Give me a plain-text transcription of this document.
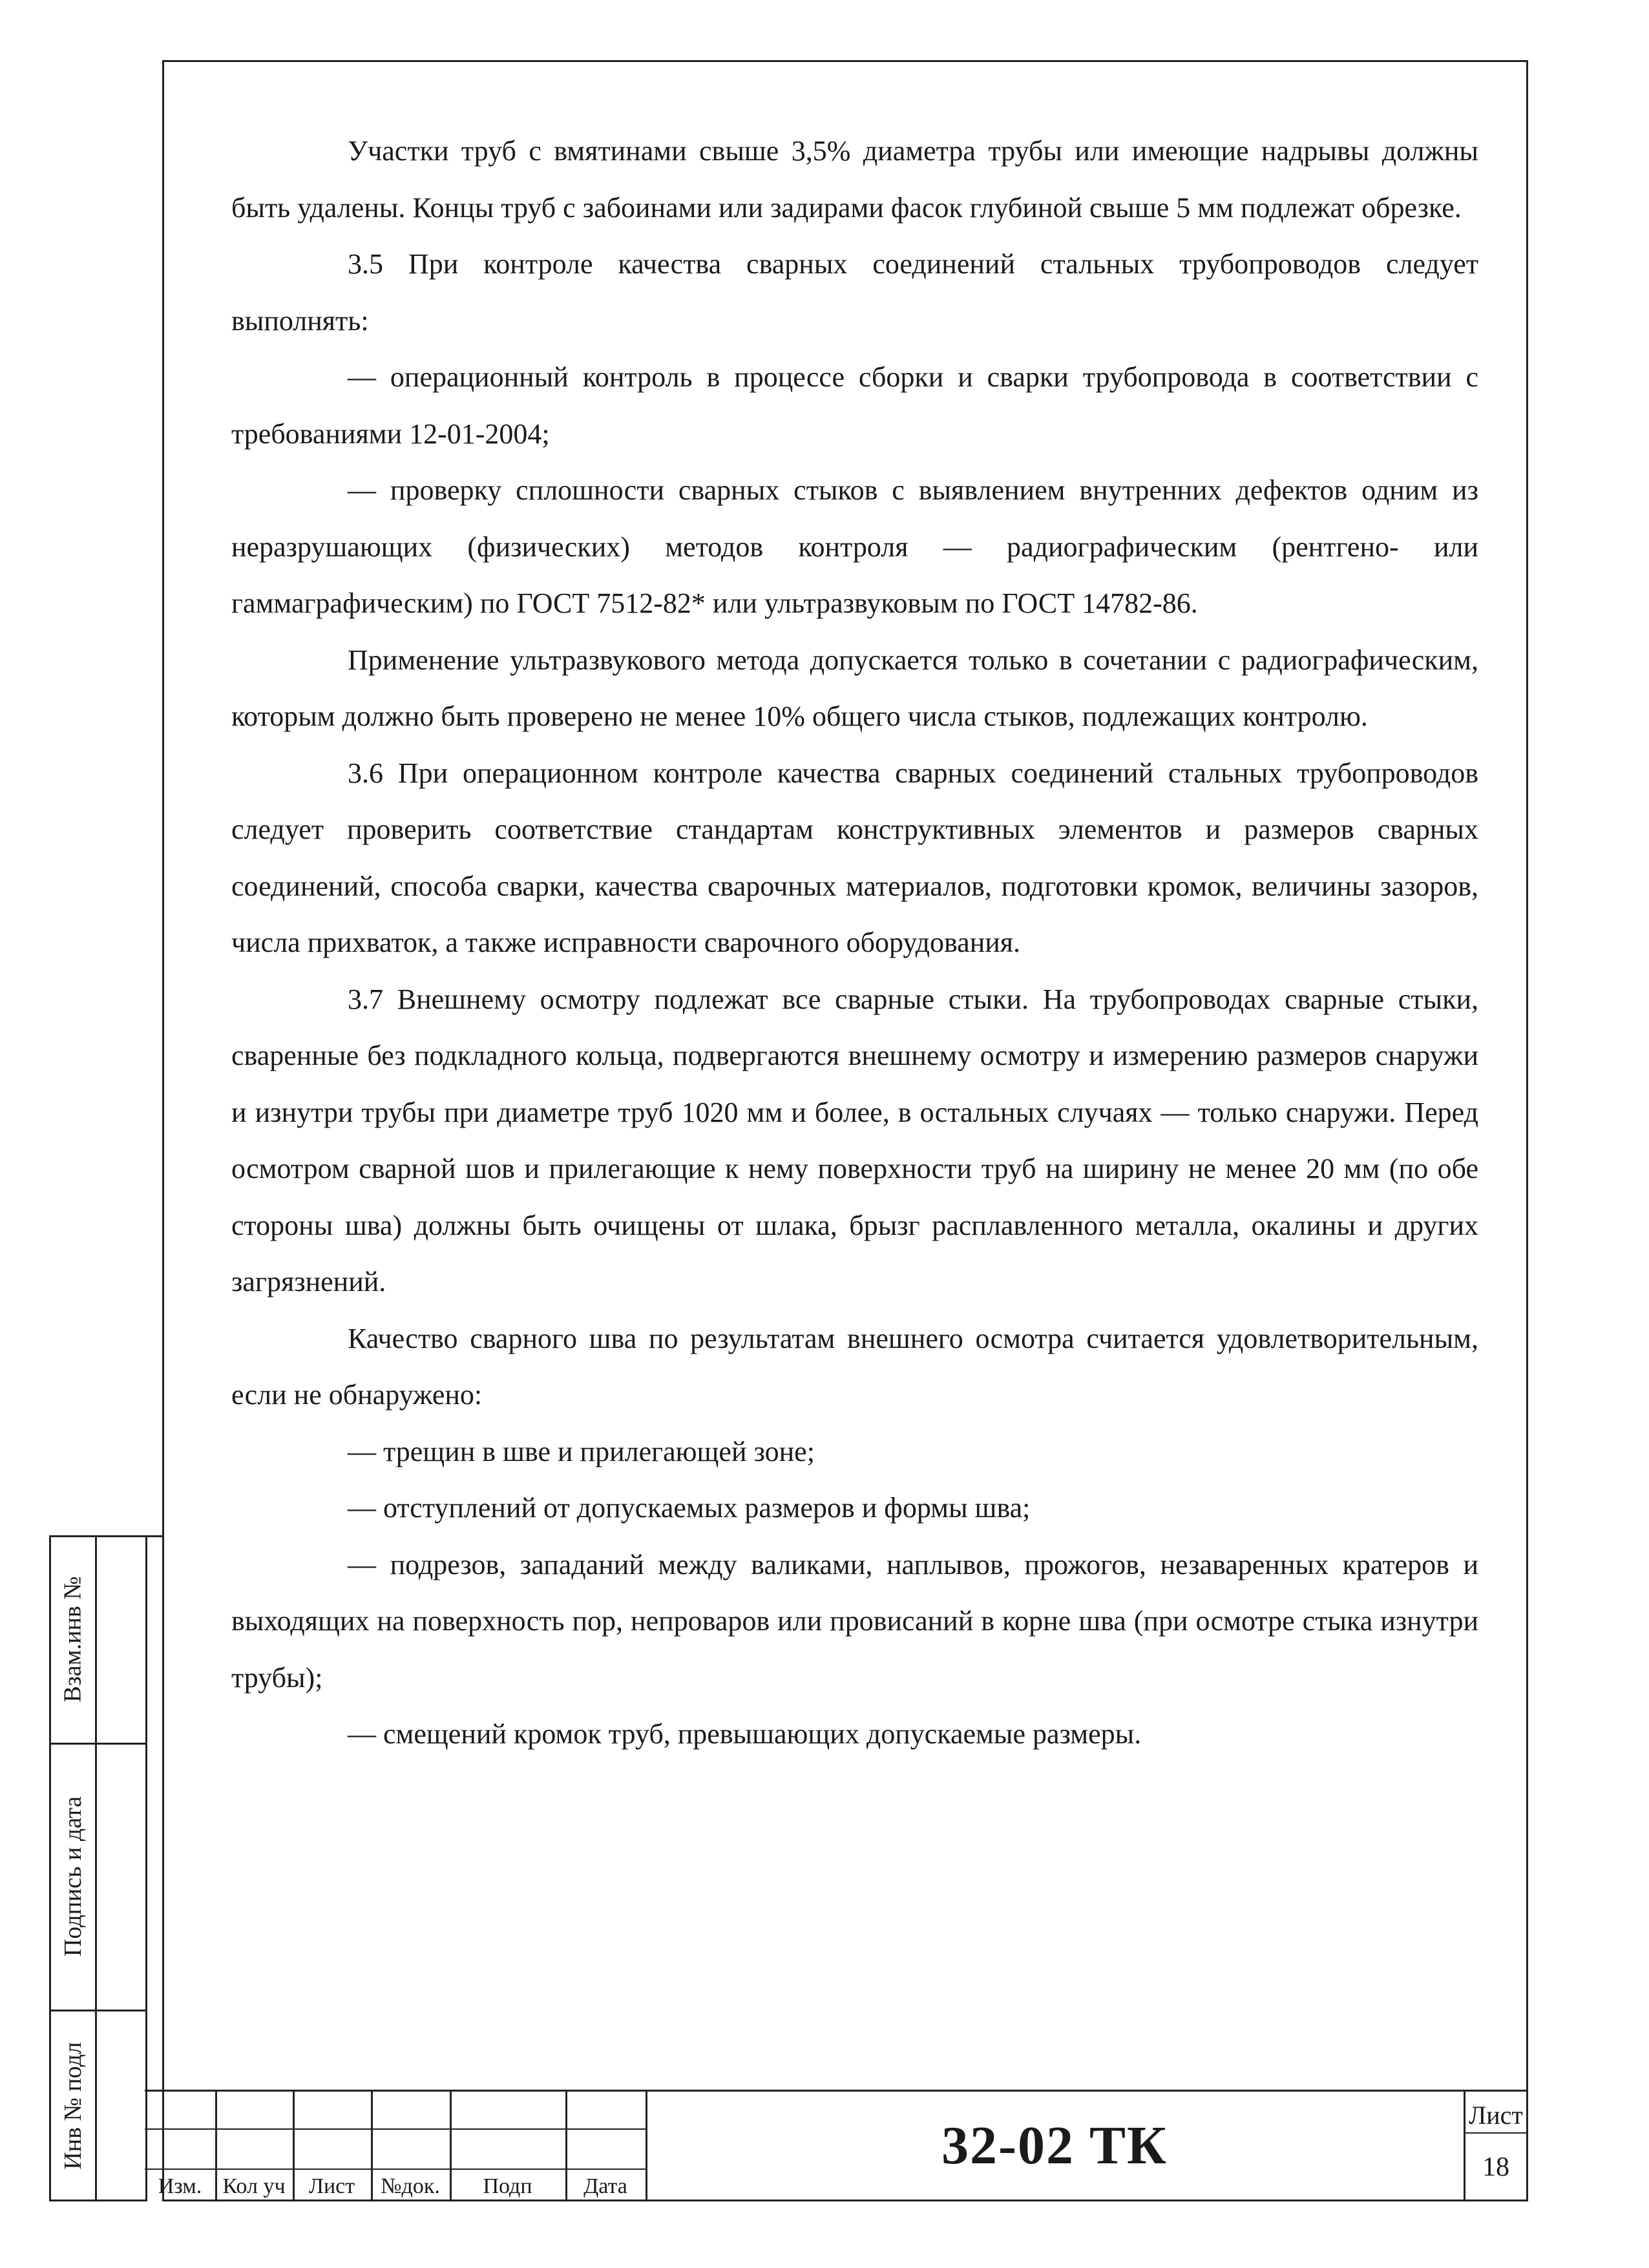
Участки труб с вмятинами свыше 3,5% диаметра трубы или имеющие надрывы должны быть удалены. Концы труб с забоинами или задирами фасок глубиной свыше 5 мм подлежат обрезке.

3.5 При контроле качества сварных соединений стальных трубопроводов следует выполнять:

— операционный контроль в процессе сборки и сварки трубопровода в соответствии с требованиями 12-01-2004;

— проверку сплошности сварных стыков с выявлением внутренних дефектов одним из неразрушающих (физических) методов контроля — радиографическим (рентгено- или гаммаграфическим) по ГОСТ 7512-82* или ультразвуковым по ГОСТ 14782-86.

Применение ультразвукового метода допускается только в сочетании с радиографическим, которым должно быть проверено не менее 10% общего числа стыков, подлежащих контролю.

3.6 При операционном контроле качества сварных соединений стальных трубопроводов следует проверить соответствие стандартам конструктивных элементов и размеров сварных соединений, способа сварки, качества сварочных материалов, подготовки кромок, величины зазоров, числа прихваток, а также исправности сварочного оборудования.

3.7 Внешнему осмотру подлежат все сварные стыки. На трубопроводах сварные стыки, сваренные без подкладного кольца, подвергаются внешнему осмотру и измерению размеров снаружи и изнутри трубы при диаметре труб 1020 мм и более, в остальных случаях — только снаружи. Перед осмотром сварной шов и прилегающие к нему поверхности труб на ширину не менее 20 мм (по обе стороны шва) должны быть очищены от шлака, брызг расплавленного металла, окалины и других загрязнений.

Качество сварного шва по результатам внешнего осмотра считается удовлетворительным, если не обнаружено:

— трещин в шве и прилегающей зоне;

— отступлений от допускаемых размеров и формы шва;

— подрезов, западаний между валиками, наплывов, прожогов, незаваренных кратеров и выходящих на поверхность пор, непроваров или провисаний в корне шва (при осмотре стыка изнутри трубы);

— смещений кромок труб, превышающих допускаемые размеры.

Взам.инв №
Подпись и дата
Инв № подл
Изм. Кол уч	Лист	№док.	Подп	Дата
32-02 ТК
Лист
18
